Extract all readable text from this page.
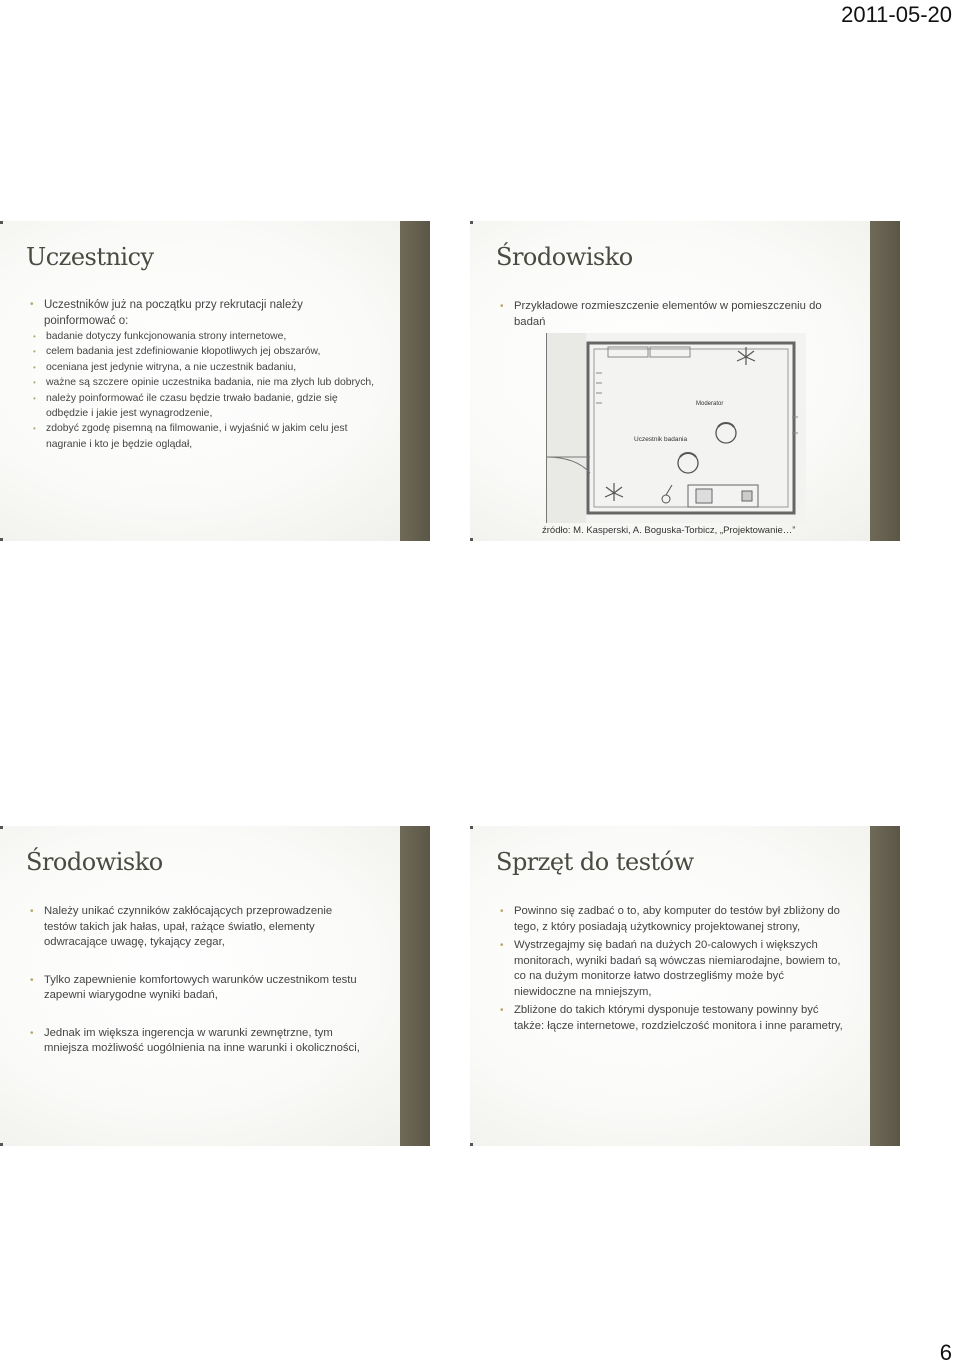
2011-05-20
Uczestnicy

• Uczestników już na początku przy rekrutacji należy poinformować o:

• badanie dotyczy funkcjonowania strony internetowe,
• celem badania jest zdefiniowanie kłopotliwych jej obszarów,
• oceniana jest jedynie witryna, a nie uczestnik badaniu,
• ważne są szczere opinie uczestnika badania, nie ma złych lub dobrych,
• należy poinformować ile czasu będzie trwało badanie, gdzie się odbędzie i jakie jest wynagrodzenie,
• zdobyć zgodę pisemną na filmowanie, i wyjaśnić w jakim celu jest nagranie i kto je będzie oglądał,
Środowisko

• Przykładowe rozmieszczenie elementów w pomieszczeniu do badań

Moderator
Uczestnik badania
źródło: M. Kasperski, A. Boguska-Torbicz, „Projektowanie…”
Środowisko

• Należy unikać czynników zakłócających przeprowadzenie testów takich jak hałas, upał, rażące światło, elementy odwracające uwagę, tykający zegar,

• Tylko zapewnienie komfortowych warunków uczestnikom testu zapewni wiarygodne wyniki badań,

• Jednak im większa ingerencja w warunki zewnętrzne, tym mniejsza możliwość uogólnienia na inne warunki i okoliczności,

Sprzęt do testów

• Powinno się zadbać o to, aby komputer do testów był zbliżony do tego, z który posiadają użytkownicy projektowanej strony,

• Wystrzegajmy się badań na dużych 20-calowych i większych monitorach, wyniki badań są wówczas niemiarodajne, bowiem to, co na dużym monitorze łatwo dostrzegliśmy może być niewidoczne na mniejszym,

• Zbliżone do takich którymi dysponuje testowany powinny być także: łącze internetowe, rozdzielczość monitora i inne parametry,

6
